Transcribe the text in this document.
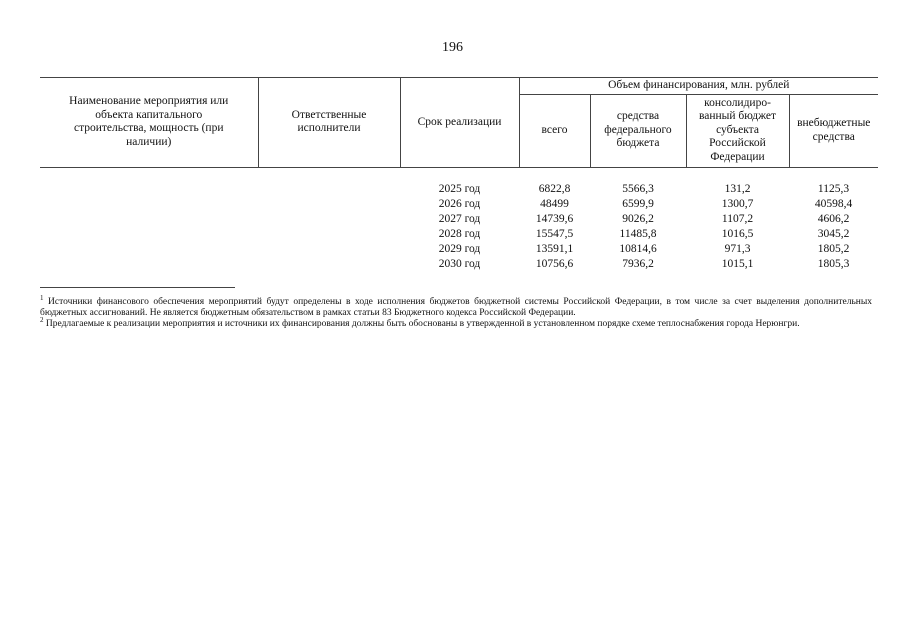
196
Наименование мероприятия или объекта капитального строительства, мощность (при наличии)	Ответственные исполнители	Срок реализации	Объем финансирования, млн. рублей			
			всего	средства федерального бюджета	консолидиро-ванный бюджет субъекта Российской Федерации	внебюджетные средства

		2025 год	6822,8	5566,3	131,2	1125,3
		2026 год	48499	6599,9	1300,7	40598,4
		2027 год	14739,6	9026,2	1107,2	4606,2
		2028 год	15547,5	11485,8	1016,5	3045,2
		2029 год	13591,1	10814,6	971,3	1805,2
		2030 год	10756,6	7936,2	1015,1	1805,3

$^1$ Источники финансового обеспечения мероприятий будут определены в ходе исполнения бюджетов бюджетной системы Российской Федерации, в том числе за счет выделения дополнительных бюджетных ассигнований. Не является бюджетным обязательством в рамках статьи 83 Бюджетного кодекса Российской Федерации.

$^2$ Предлагаемые к реализации мероприятия и источники их финансирования должны быть обоснованы в утвержденной в установленном порядке схеме теплоснабжения города Нерюнгри.
